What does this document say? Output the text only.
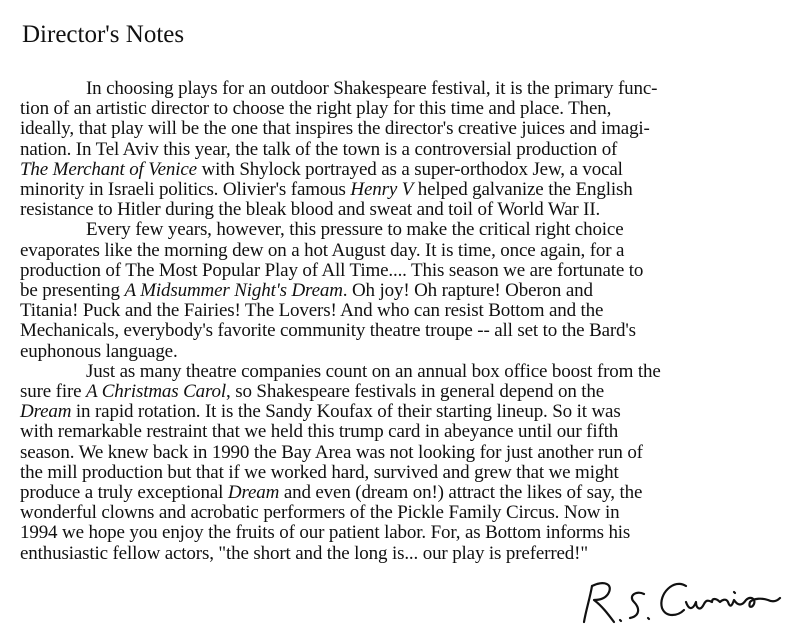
Director's Notes
In choosing plays for an outdoor Shakespeare festival, it is the primary func-
tion of an artistic director to choose the right play for this time and place. Then,
ideally, that play will be the one that inspires the director's creative juices and imagi-
nation. In Tel Aviv this year, the talk of the town is a controversial production of
The Merchant of Venice with Shylock portrayed as a super-orthodox Jew, a vocal
minority in Israeli politics. Olivier's famous Henry V helped galvanize the English
resistance to Hitler during the bleak blood and sweat and toil of World War II.
Every few years, however, this pressure to make the critical right choice
evaporates like the morning dew on a hot August day. It is time, once again, for a
production of The Most Popular Play of All Time.... This season we are fortunate to
be presenting A Midsummer Night's Dream. Oh joy! Oh rapture! Oberon and
Titania! Puck and the Fairies! The Lovers! And who can resist Bottom and the
Mechanicals, everybody's favorite community theatre troupe -- all set to the Bard's
euphonous language.
Just as many theatre companies count on an annual box office boost from the
sure fire A Christmas Carol, so Shakespeare festivals in general depend on the
Dream in rapid rotation. It is the Sandy Koufax of their starting lineup. So it was
with remarkable restraint that we held this trump card in abeyance until our fifth
season. We knew back in 1990 the Bay Area was not looking for just another run of
the mill production but that if we worked hard, survived and grew that we might
produce a truly exceptional Dream and even (dream on!) attract the likes of say, the
wonderful clowns and acrobatic performers of the Pickle Family Circus. Now in
1994 we hope you enjoy the fruits of our patient labor. For, as Bottom informs his
enthusiastic fellow actors, "the short and the long is... our play is preferred!"
